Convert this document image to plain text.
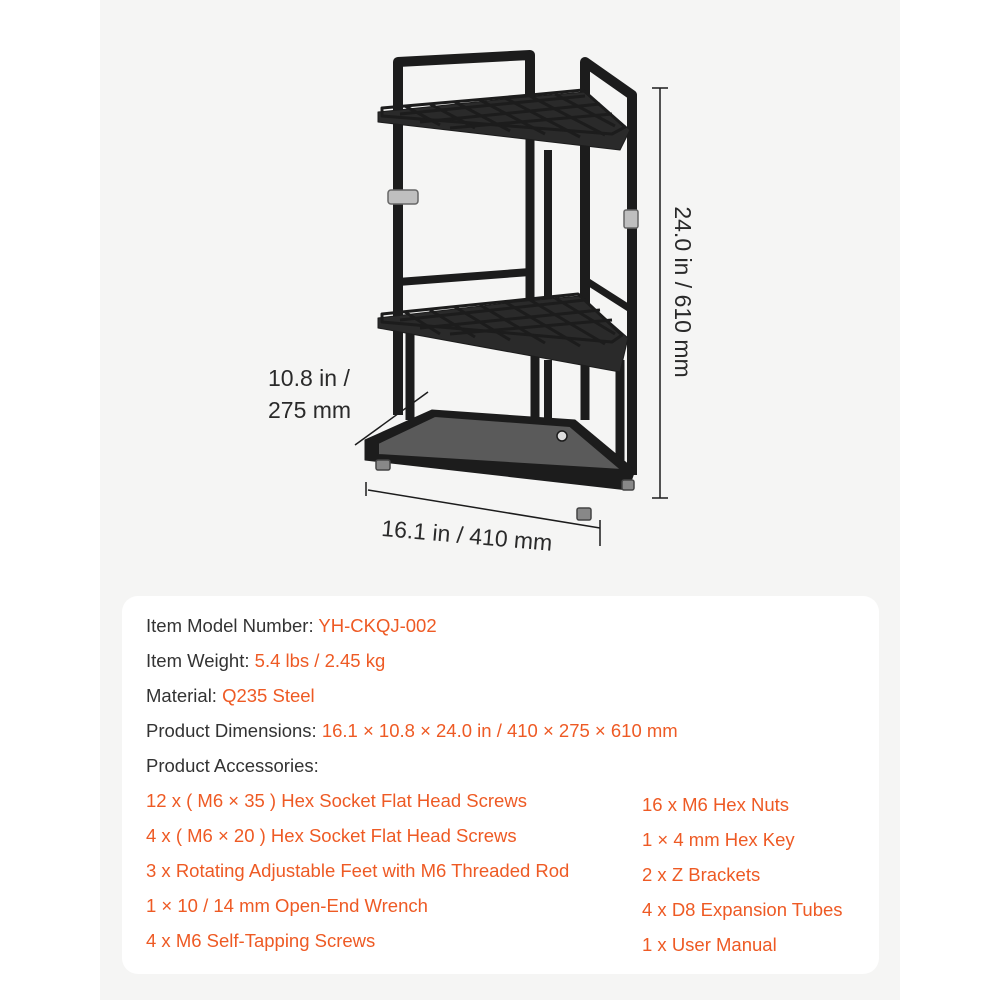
10.8 in /
275 mm
16.1 in / 410 mm
24.0 in / 610 mm
Item Model Number: YH-CKQJ-002
Item Weight: 5.4 lbs / 2.45 kg
Material: Q235 Steel
Product Dimensions: 16.1 × 10.8 × 24.0 in / 410 × 275 × 610 mm
Product Accessories:
12 x ( M6 × 35 ) Hex Socket Flat Head Screws
4 x ( M6 × 20 ) Hex Socket Flat Head Screws
3 x Rotating Adjustable Feet with M6 Threaded Rod
1 × 10 / 14 mm Open-End Wrench
4 x M6 Self-Tapping Screws
16 x M6 Hex Nuts
1 × 4 mm Hex Key
2 x Z Brackets
4 x D8 Expansion Tubes
1 x User Manual
